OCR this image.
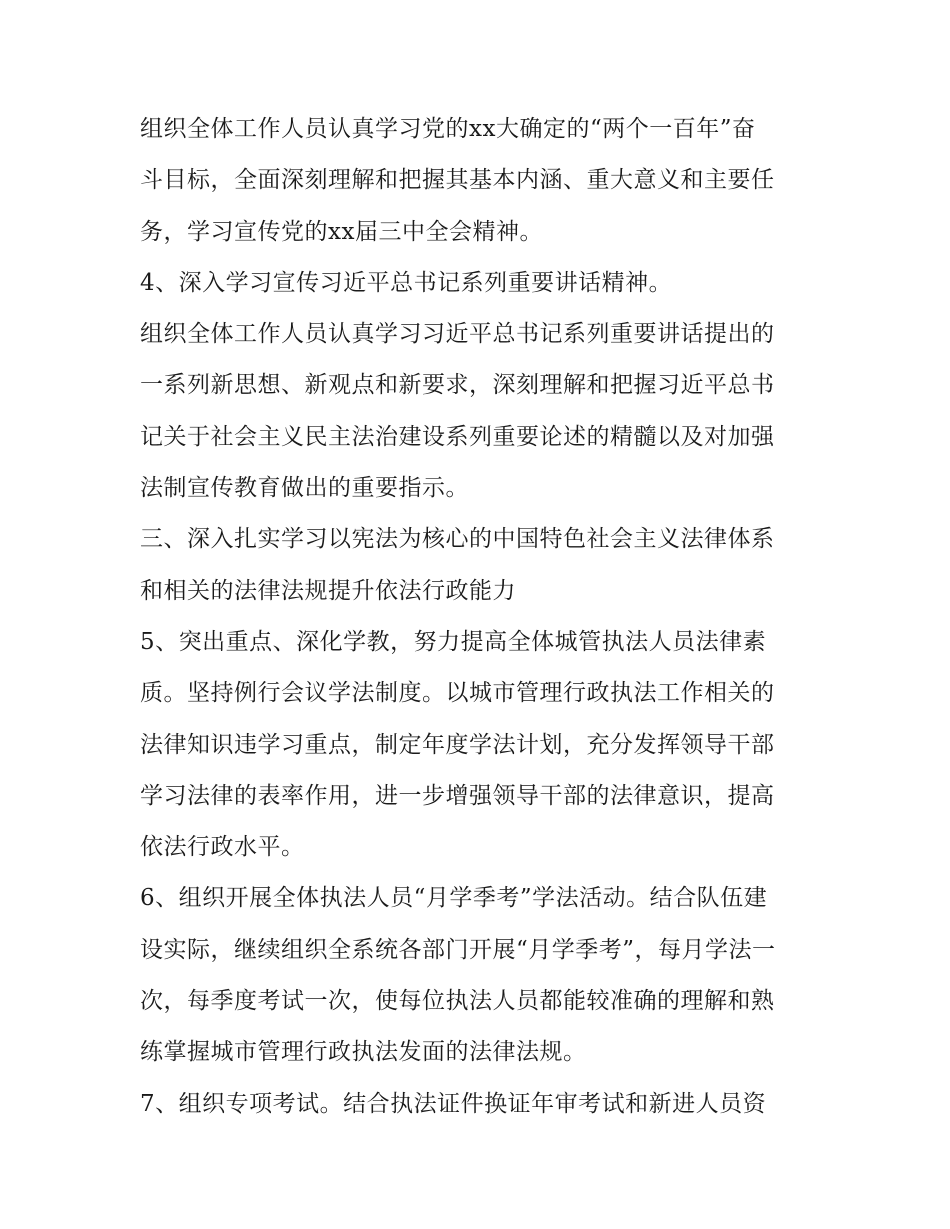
组织全体工作人员认真学习党的xx大确定的“两个一百年”奋
斗目标，全面深刻理解和把握其基本内涵、重大意义和主要任
务，学习宣传党的xx届三中全会精神。
4、深入学习宣传习近平总书记系列重要讲话精神。
组织全体工作人员认真学习习近平总书记系列重要讲话提出的
一系列新思想、新观点和新要求，深刻理解和把握习近平总书
记关于社会主义民主法治建设系列重要论述的精髓以及对加强
法制宣传教育做出的重要指示。
三、深入扎实学习以宪法为核心的中国特色社会主义法律体系
和相关的法律法规提升依法行政能力
5、突出重点、深化学教，努力提高全体城管执法人员法律素
质。坚持例行会议学法制度。以城市管理行政执法工作相关的
法律知识违学习重点，制定年度学法计划，充分发挥领导干部
学习法律的表率作用，进一步增强领导干部的法律意识，提高
依法行政水平。
6、组织开展全体执法人员“月学季考”学法活动。结合队伍建
设实际，继续组织全系统各部门开展“月学季考”，每月学法一
次，每季度考试一次，使每位执法人员都能较准确的理解和熟
练掌握城市管理行政执法发面的法律法规。
7、组织专项考试。结合执法证件换证年审考试和新进人员资
